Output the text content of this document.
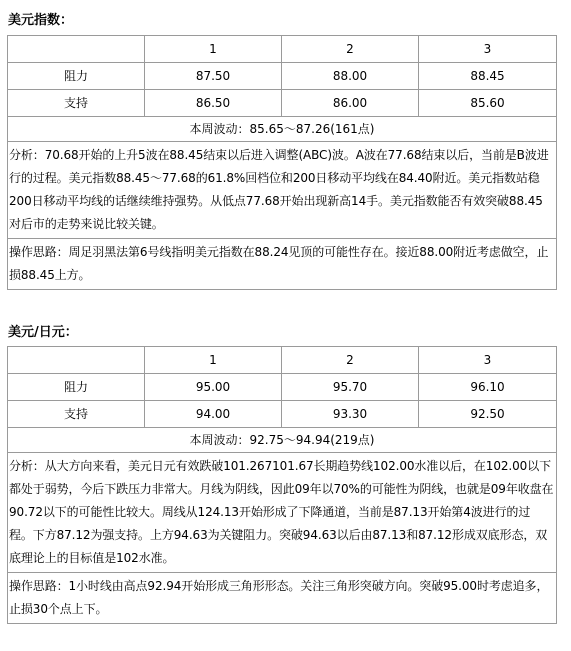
美元指数：
	1	2	3
阻力	87.50	88.00	88.45
支持	86.50	86.00	85.60
本周波动：85.65～87.26(161点)			
分析：70.68开始的上升5波在88.45结束以后进入调整(ABC)波。A波在77.68结束以后，当前是B波进行的过程。美元指数88.45～77.68的61.8%回档位和200日移动平均线在84.40附近。美元指数站稳200日移动平均线的话继续维持强势。从低点77.68开始出现新高14手。美元指数能否有效突破88.45对后市的走势来说比较关键。			
操作思路：周足羽黑法第6号线指明美元指数在88.24见顶的可能性存在。接近88.00附近考虑做空，止损88.45上方。			
美元/日元：
	1	2	3
阻力	95.00	95.70	96.10
支持	94.00	93.30	92.50
本周波动：92.75～94.94(219点)			
分析：从大方向来看，美元日元有效跌破101.267101.67长期趋势线102.00水准以后，在102.00以下都处于弱势，今后下跌压力非常大。月线为阴线，因此09年以70%的可能性为阴线，也就是09年收盘在90.72以下的可能性比较大。周线从124.13开始形成了下降通道，当前是87.13开始第4波进行的过程。下方87.12为强支持。上方94.63为关键阻力。突破94.63以后由87.13和87.12形成双底形态，双底理论上的目标值是102水准。			
操作思路：1小时线由高点92.94开始形成三角形形态。关注三角形突破方向。突破95.00时考虑追多，止损30个点上下。			
